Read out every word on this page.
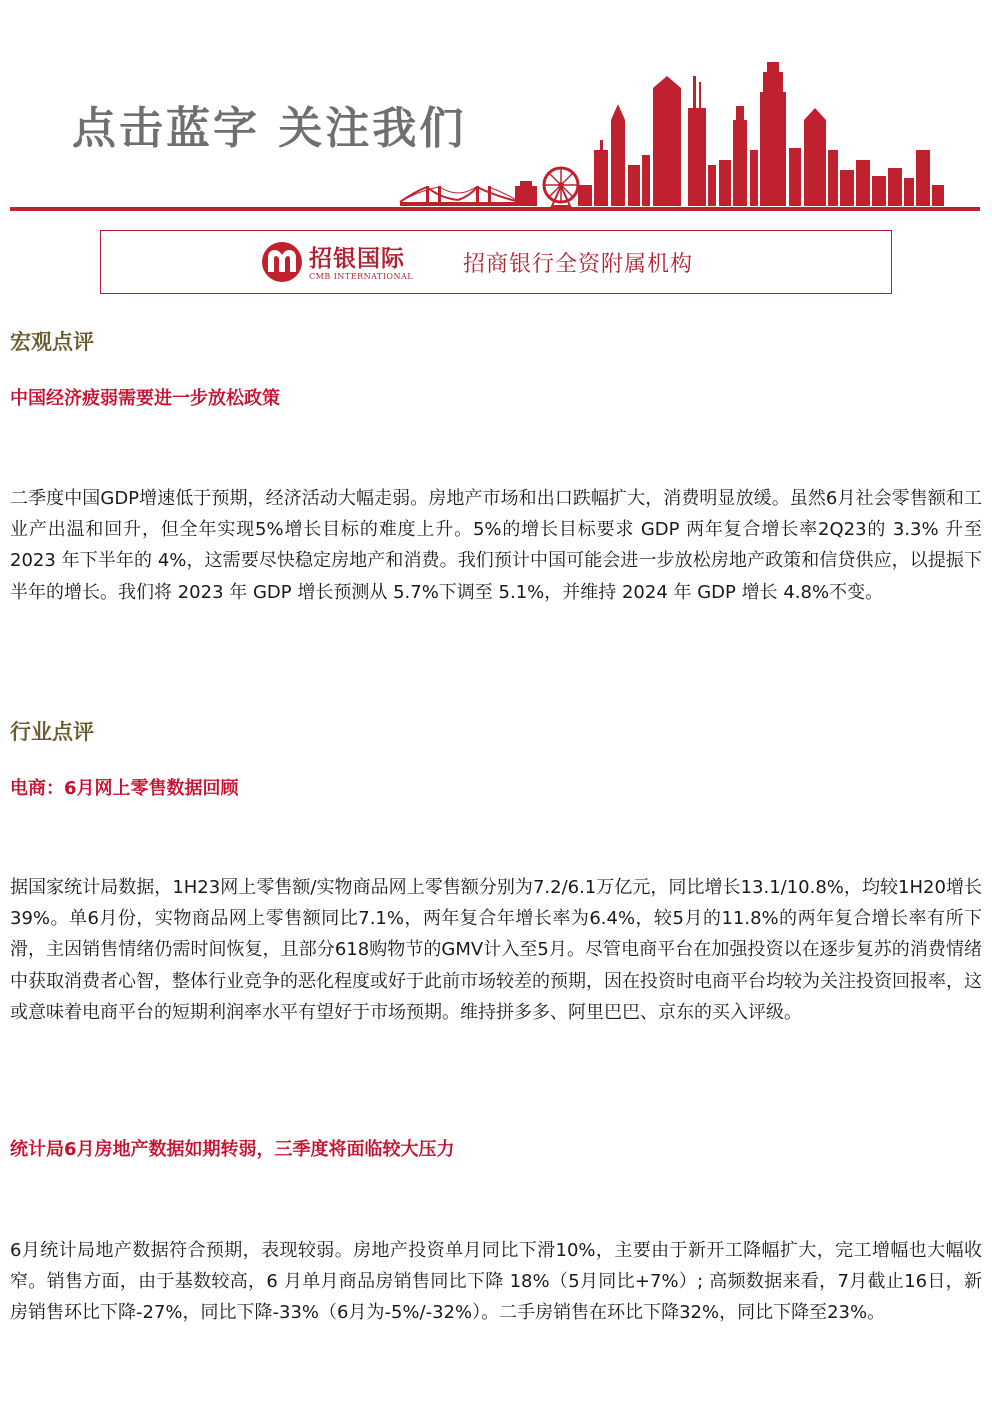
点击蓝字 关注我们
招银国际
CMB INTERNATIONAL 招商银行全资附属机构
宏观点评
中国经济疲弱需要进一步放松政策

二季度中国GDP增速低于预期，经济活动大幅走弱。房地产市场和出口跌幅扩大，消费明显放缓。虽然6月社会零售额和工业产出温和回升，但全年实现5%增长目标的难度上升。5%的增长目标要求 GDP 两年复合增长率2Q23的 3.3% 升至 2023 年下半年的 4%，这需要尽快稳定房地产和消费。我们预计中国可能会进一步放松房地产政策和信贷供应，以提振下半年的增长。我们将 2023 年 GDP 增长预测从 5.7%下调至 5.1%，并维持 2024 年 GDP 增长 4.8%不变。

行业点评
电商：6月网上零售数据回顾

据国家统计局数据，1H23网上零售额/实物商品网上零售额分别为7.2/6.1万亿元，同比增长13.1/10.8%，均较1H20增长39%。单6月份，实物商品网上零售额同比7.1%，两年复合年增长率为6.4%，较5月的11.8%的两年复合增长率有所下滑，主因销售情绪仍需时间恢复，且部分618购物节的GMV计入至5月。尽管电商平台在加强投资以在逐步复苏的消费情绪中获取消费者心智，整体行业竞争的恶化程度或好于此前市场较差的预期，因在投资时电商平台均较为关注投资回报率，这或意味着电商平台的短期利润率水平有望好于市场预期。维持拼多多、阿里巴巴、京东的买入评级。

统计局6月房地产数据如期转弱，三季度将面临较大压力

6月统计局地产数据符合预期，表现较弱。房地产投资单月同比下滑10%，主要由于新开工降幅扩大，完工增幅也大幅收窄。销售方面，由于基数较高，6 月单月商品房销售同比下降 18%（5月同比+7%）; 高频数据来看，7月截止16日，新房销售环比下降-27%，同比下降-33%（6月为-5%/-32%）。二手房销售在环比下降32%，同比下降至23%。
